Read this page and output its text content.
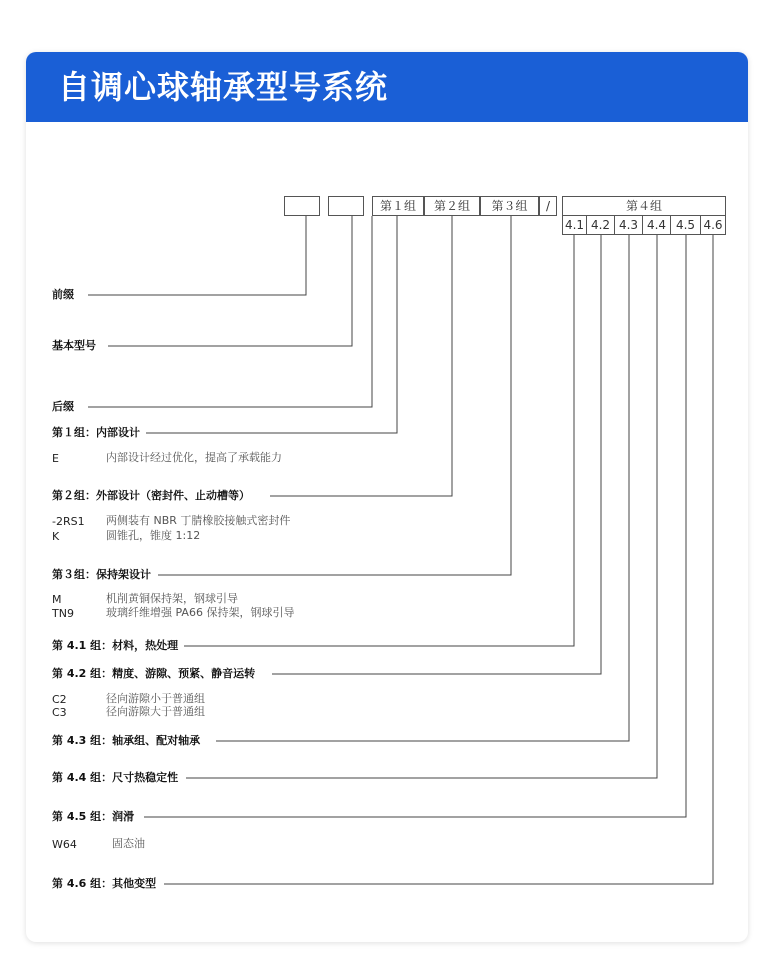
自调心球轴承型号系统
第１组	第２组	第３组	/	第４组
4.1 4.2 4.3 4.4 4.5 4.6
前缀
基本型号
后缀
第１组：内部设计
E	内部设计经过优化，提高了承载能力
第２组：外部设计（密封件、止动槽等）
-2RS1 两侧装有 NBR 丁腈橡胶接触式密封件
K	圆锥孔，锥度 1:12
第３组：保持架设计
M	机削黄铜保持架，钢球引导
TN9	玻璃纤维增强 PA66 保持架，钢球引导
第 4.1 组：材料，热处理
第 4.2 组：精度、游隙、预紧、静音运转
C2	径向游隙小于普通组
C3	径向游隙大于普通组
第 4.3 组：轴承组、配对轴承
第 4.4 组：尺寸热稳定性
第 4.5 组：润滑
W64	固态油
第 4.6 组：其他变型
